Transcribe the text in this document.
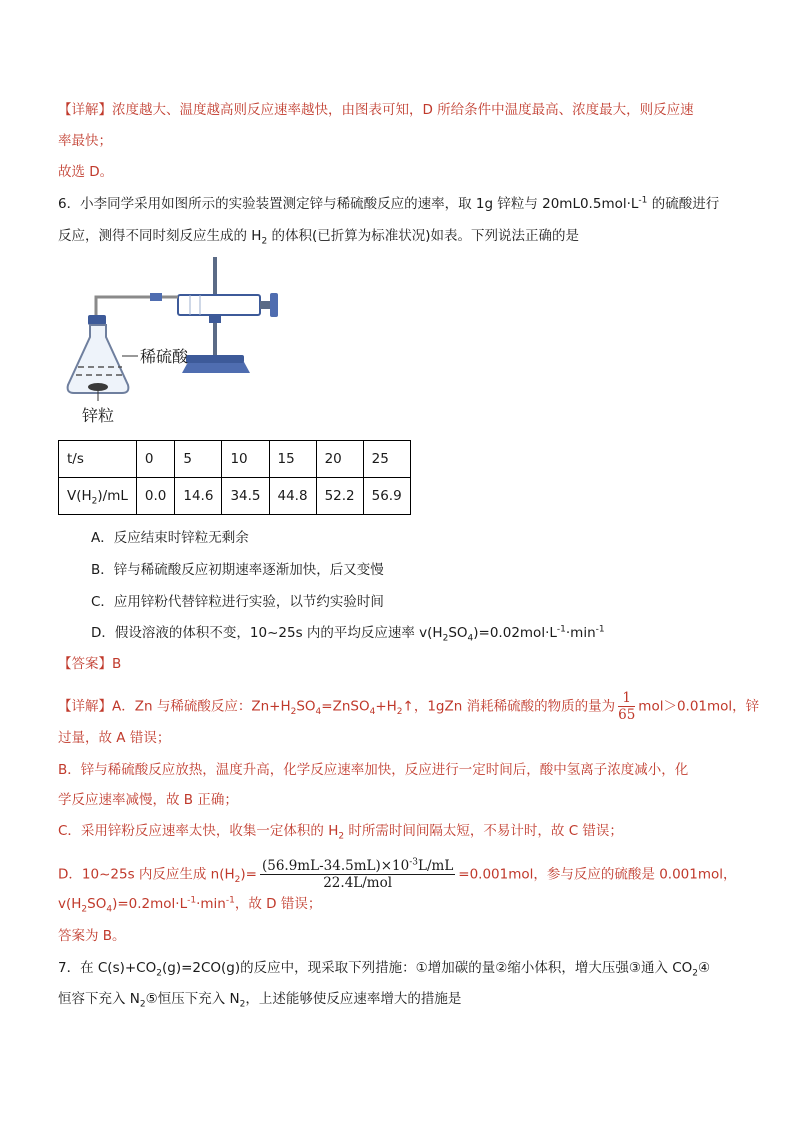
【详解】浓度越大、温度越高则反应速率越快，由图表可知，D 所给条件中温度最高、浓度最大，则反应速
率最快；
故选 D。
6．小李同学采用如图所示的实验装置测定锌与稀硫酸反应的速率，取 1g 锌粒与 $20mL0.5mol\cdot L^{-1}$ 的硫酸进行
反应，测得不同时刻反应生成的 $H_2$ 的体积(已折算为标准状况)如表。下列说法正确的是
稀硫酸
锌粒
t/s	0	5	10	15	20	25
$V(H_2)/mL$	0.0	14.6	34.5	44.8	52.2	56.9
A．反应结束时锌粒无剩余
B．锌与稀硫酸反应初期速率逐渐加快，后又变慢
C．应用锌粉代替锌粒进行实验，以节约实验时间
D．假设溶液的体积不变，10~25s 内的平均反应速率 $v(H_2SO_4)=0.02mol\cdot L^{-1}\cdot\min^{-1}$
【答案】B
【详解】A．Zn 与稀硫酸反应：$Zn+H_2SO_4=ZnSO_4+H_2↑$，1gZn 消耗稀硫酸的物质的量为 $\frac{1}{65} mol>0.01mol$，锌
过量，故 A 错误；
B．锌与稀硫酸反应放热，温度升高，化学反应速率加快，反应进行一定时间后，酸中氢离子浓度减小，化
学反应速率减慢，故 B 正确；
C．采用锌粉反应速率太快，收集一定体积的 $H_2$ 时所需时间间隔太短，不易计时，故 C 错误；
D．10~25s 内反应生成 $n(H_2)= \frac{(56.9mL-34.5mL)\times 10^{-3}L/mL}{\text{22.4L/mol}} =0.001mol$，参与反应的硫酸是 0.001mol，
$v(H_2SO_4)=0.2mol\cdot L^{-1}\cdot\min^{-1}$，故 D 错误；
答案为 B。
7．在 $C(s)+CO_2(g)=2CO(g)$的反应中，现采取下列措施：①增加碳的量②缩小体积，增大压强③通入 $CO_2④$
恒容下充入 $N_2⑤$恒压下充入 $N_2$，上述能够使反应速率增大的措施是
